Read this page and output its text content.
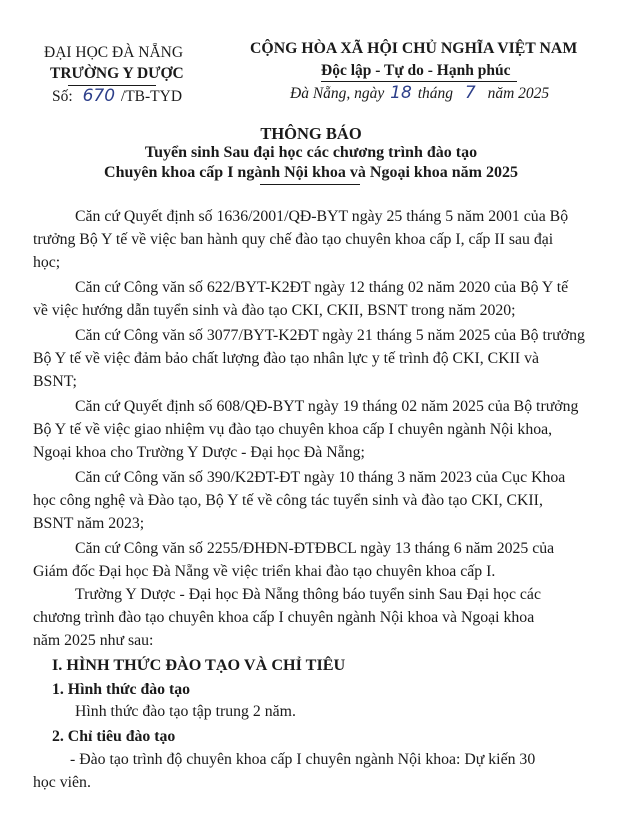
ĐẠI HỌC ĐÀ NẴNG
TRƯỜNG Y DƯỢC
Số: 670 /TB-TYD
CỘNG HÒA XÃ HỘI CHỦ NGHĨA VIỆT NAM
Độc lập - Tự do - Hạnh phúc
Đà Nẵng, ngày 18 tháng 7 năm 2025
THÔNG BÁO
Tuyển sinh Sau đại học các chương trình đào tạo
Chuyên khoa cấp I ngành Nội khoa và Ngoại khoa năm 2025
Căn cứ Quyết định số 1636/2001/QĐ-BYT ngày 25 tháng 5 năm 2001 của Bộ
trưởng Bộ Y tế về việc ban hành quy chế đào tạo chuyên khoa cấp I, cấp II sau đại
học;
Căn cứ Công văn số 622/BYT-K2ĐT ngày 12 tháng 02 năm 2020 của Bộ Y tế
về việc hướng dẫn tuyển sinh và đào tạo CKI, CKII, BSNT trong năm 2020;
Căn cứ Công văn số 3077/BYT-K2ĐT ngày 21 tháng 5 năm 2025 của Bộ trưởng
Bộ Y tế về việc đảm bảo chất lượng đào tạo nhân lực y tế trình độ CKI, CKII và
BSNT;
Căn cứ Quyết định số 608/QĐ-BYT ngày 19 tháng 02 năm 2025 của Bộ trưởng
Bộ Y tế về việc giao nhiệm vụ đào tạo chuyên khoa cấp I chuyên ngành Nội khoa,
Ngoại khoa cho Trường Y Dược - Đại học Đà Nẵng;
Căn cứ Công văn số 390/K2ĐT-ĐT ngày 10 tháng 3 năm 2023 của Cục Khoa
học công nghệ và Đào tạo, Bộ Y tế về công tác tuyển sinh và đào tạo CKI, CKII,
BSNT năm 2023;
Căn cứ Công văn số 2255/ĐHĐN-ĐTĐBCL ngày 13 tháng 6 năm 2025 của
Giám đốc Đại học Đà Nẵng về việc triển khai đào tạo chuyên khoa cấp I.
Trường Y Dược - Đại học Đà Nẵng thông báo tuyển sinh Sau Đại học các
chương trình đào tạo chuyên khoa cấp I chuyên ngành Nội khoa và Ngoại khoa
năm 2025 như sau:
I. HÌNH THỨC ĐÀO TẠO VÀ CHỈ TIÊU
1. Hình thức đào tạo
Hình thức đào tạo tập trung 2 năm.
2. Chỉ tiêu đào tạo
- Đào tạo trình độ chuyên khoa cấp I chuyên ngành Nội khoa: Dự kiến 30
học viên.
